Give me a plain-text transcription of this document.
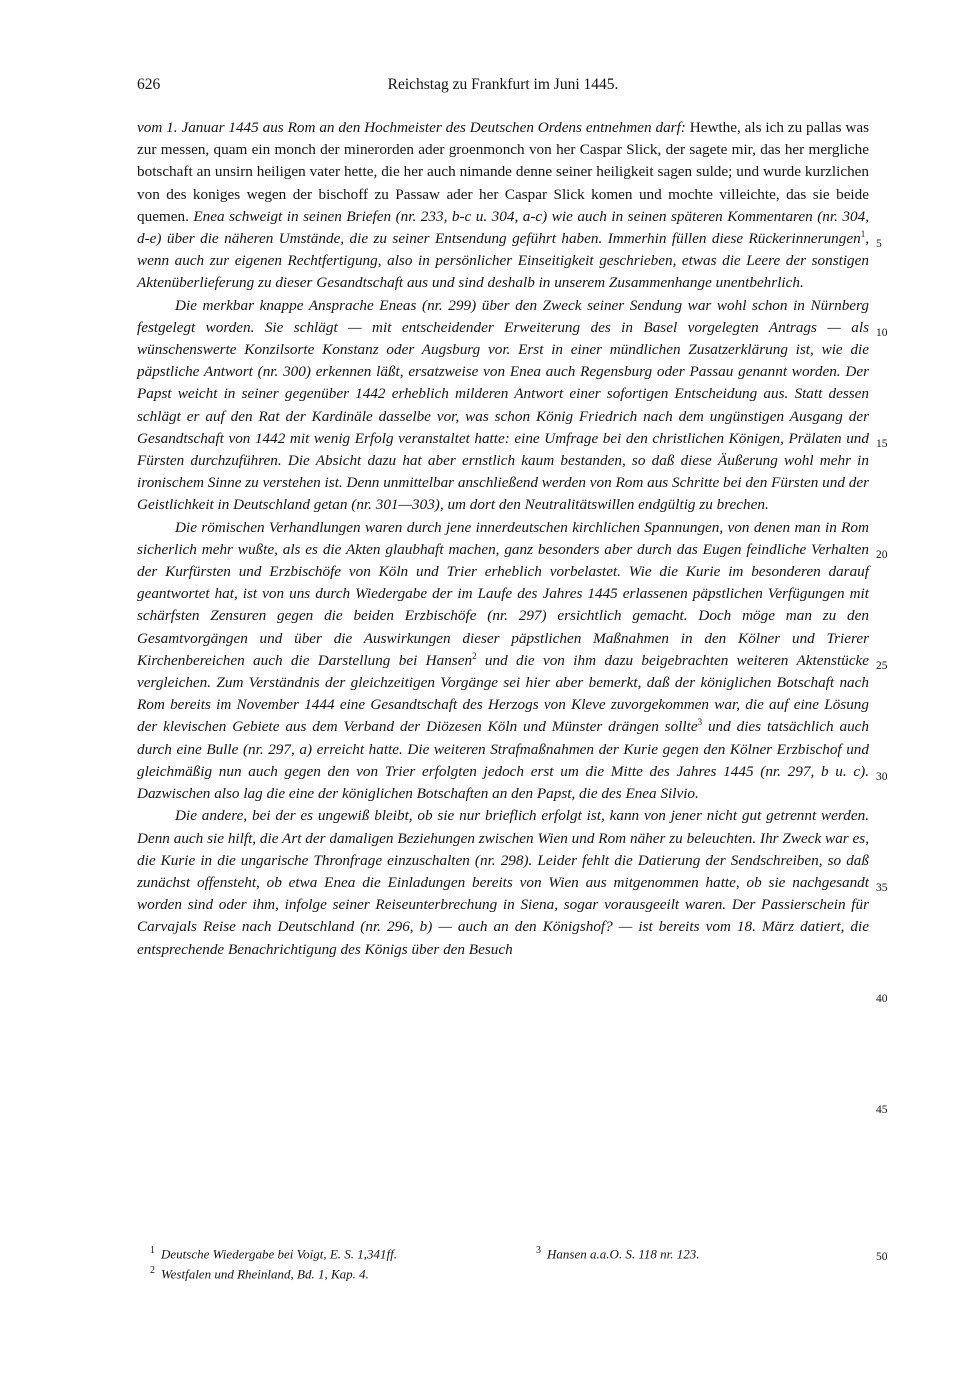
626	Reichstag zu Frankfurt im Juni 1445.

vom 1. Januar 1445 aus Rom an den Hochmeister des Deutschen Ordens entnehmen darf: Hewthe, als ich zu pallas was zur messen, quam ein monch der minerorden ader groenmonch von her Caspar Slick, der sagete mir, das her mergliche botschaft an unsirn heiligen vater hette, die her auch nimande denne seiner heiligkeit sagen sulde; und wurde kurzlichen von des koniges wegen der bischoff zu Passaw ader her Caspar Slick komen und mochte villeichte, das sie beide quemen. Enea schweigt in seinen Briefen (nr. 233, b-c u. 304, a-c) wie auch in seinen späteren Kommentaren (nr. 304, d-e) über die näheren Umstände, die zu seiner Entsendung geführt haben. Immerhin füllen diese Rückerinnerungen$^1$, wenn auch zur eigenen Rechtfertigung, also in persönlicher Einseitigkeit geschrieben, etwas die Leere der sonstigen Aktenüberlieferung zu dieser Gesandtschaft aus und sind deshalb in unserem Zusammenhange unentbehrlich.

Die merkbar knappe Ansprache Eneas (nr. 299) über den Zweck seiner Sendung war wohl schon in Nürnberg festgelegt worden. Sie schlägt — mit entscheidender Erweiterung des in Basel vorgelegten Antrags — als wünschenswerte Konzilsorte Konstanz oder Augsburg vor. Erst in einer mündlichen Zusatzerklärung ist, wie die päpstliche Antwort (nr. 300) erkennen läßt, ersatzweise von Enea auch Regensburg oder Passau genannt worden. Der Papst weicht in seiner gegenüber 1442 erheblich milderen Antwort einer sofortigen Entscheidung aus. Statt dessen schlägt er auf den Rat der Kardinäle dasselbe vor, was schon König Friedrich nach dem ungünstigen Ausgang der Gesandtschaft von 1442 mit wenig Erfolg veranstaltet hatte: eine Umfrage bei den christlichen Königen, Prälaten und Fürsten durchzuführen. Die Absicht dazu hat aber ernstlich kaum bestanden, so daß diese Äußerung wohl mehr in ironischem Sinne zu verstehen ist. Denn unmittelbar anschließend werden von Rom aus Schritte bei den Fürsten und der Geistlichkeit in Deutschland getan (nr. 301—303), um dort den Neutralitätswillen endgültig zu brechen.

Die römischen Verhandlungen waren durch jene innerdeutschen kirchlichen Spannungen, von denen man in Rom sicherlich mehr wußte, als es die Akten glaubhaft machen, ganz besonders aber durch das Eugen feindliche Verhalten der Kurfürsten und Erzbischöfe von Köln und Trier erheblich vorbelastet. Wie die Kurie im besonderen darauf geantwortet hat, ist von uns durch Wiedergabe der im Laufe des Jahres 1445 erlassenen päpstlichen Verfügungen mit schärfsten Zensuren gegen die beiden Erzbischöfe (nr. 297) ersichtlich gemacht. Doch möge man zu den Gesamtvorgängen und über die Auswirkungen dieser päpstlichen Maßnahmen in den Kölner und Trierer Kirchenbereichen auch die Darstellung bei Hansen$^2$ und die von ihm dazu beigebrachten weiteren Aktenstücke vergleichen. Zum Verständnis der gleichzeitigen Vorgänge sei hier aber bemerkt, daß der königlichen Botschaft nach Rom bereits im November 1444 eine Gesandtschaft des Herzogs von Kleve zuvorgekommen war, die auf eine Lösung der klevischen Gebiete aus dem Verband der Diözesen Köln und Münster drängen sollte$^3$ und dies tatsächlich auch durch eine Bulle (nr. 297, a) erreicht hatte. Die weiteren Strafmaßnahmen der Kurie gegen den Kölner Erzbischof und gleichmäßig nun auch gegen den von Trier erfolgten jedoch erst um die Mitte des Jahres 1445 (nr. 297, b u. c). Dazwischen also lag die eine der königlichen Botschaften an den Papst, die des Enea Silvio.

Die andere, bei der es ungewiß bleibt, ob sie nur brieflich erfolgt ist, kann von jener nicht gut getrennt werden. Denn auch sie hilft, die Art der damaligen Beziehungen zwischen Wien und Rom näher zu beleuchten. Ihr Zweck war es, die Kurie in die ungarische Thronfrage einzuschalten (nr. 298). Leider fehlt die Datierung der Sendschreiben, so daß zunächst offensteht, ob etwa Enea die Einladungen bereits von Wien aus mitgenommen hatte, ob sie nachgesandt worden sind oder ihm, infolge seiner Reiseunterbrechung in Siena, sogar vorausgeeilt waren. Der Passierschein für Carvajals Reise nach Deutschland (nr. 296, b) — auch an den Königshof? — ist bereits vom 18. März datiert, die entsprechende Benachrichtigung des Königs über den Besuch

5
10
15
20
25
30
35
40
45
50
$^1$ Deutsche Wiedergabe bei Voigt, E. S. 1,341ff.	$^3$ Hansen a.a.O. S. 118 nr. 123.
$^2$ Westfalen und Rheinland, Bd. 1, Kap. 4.
